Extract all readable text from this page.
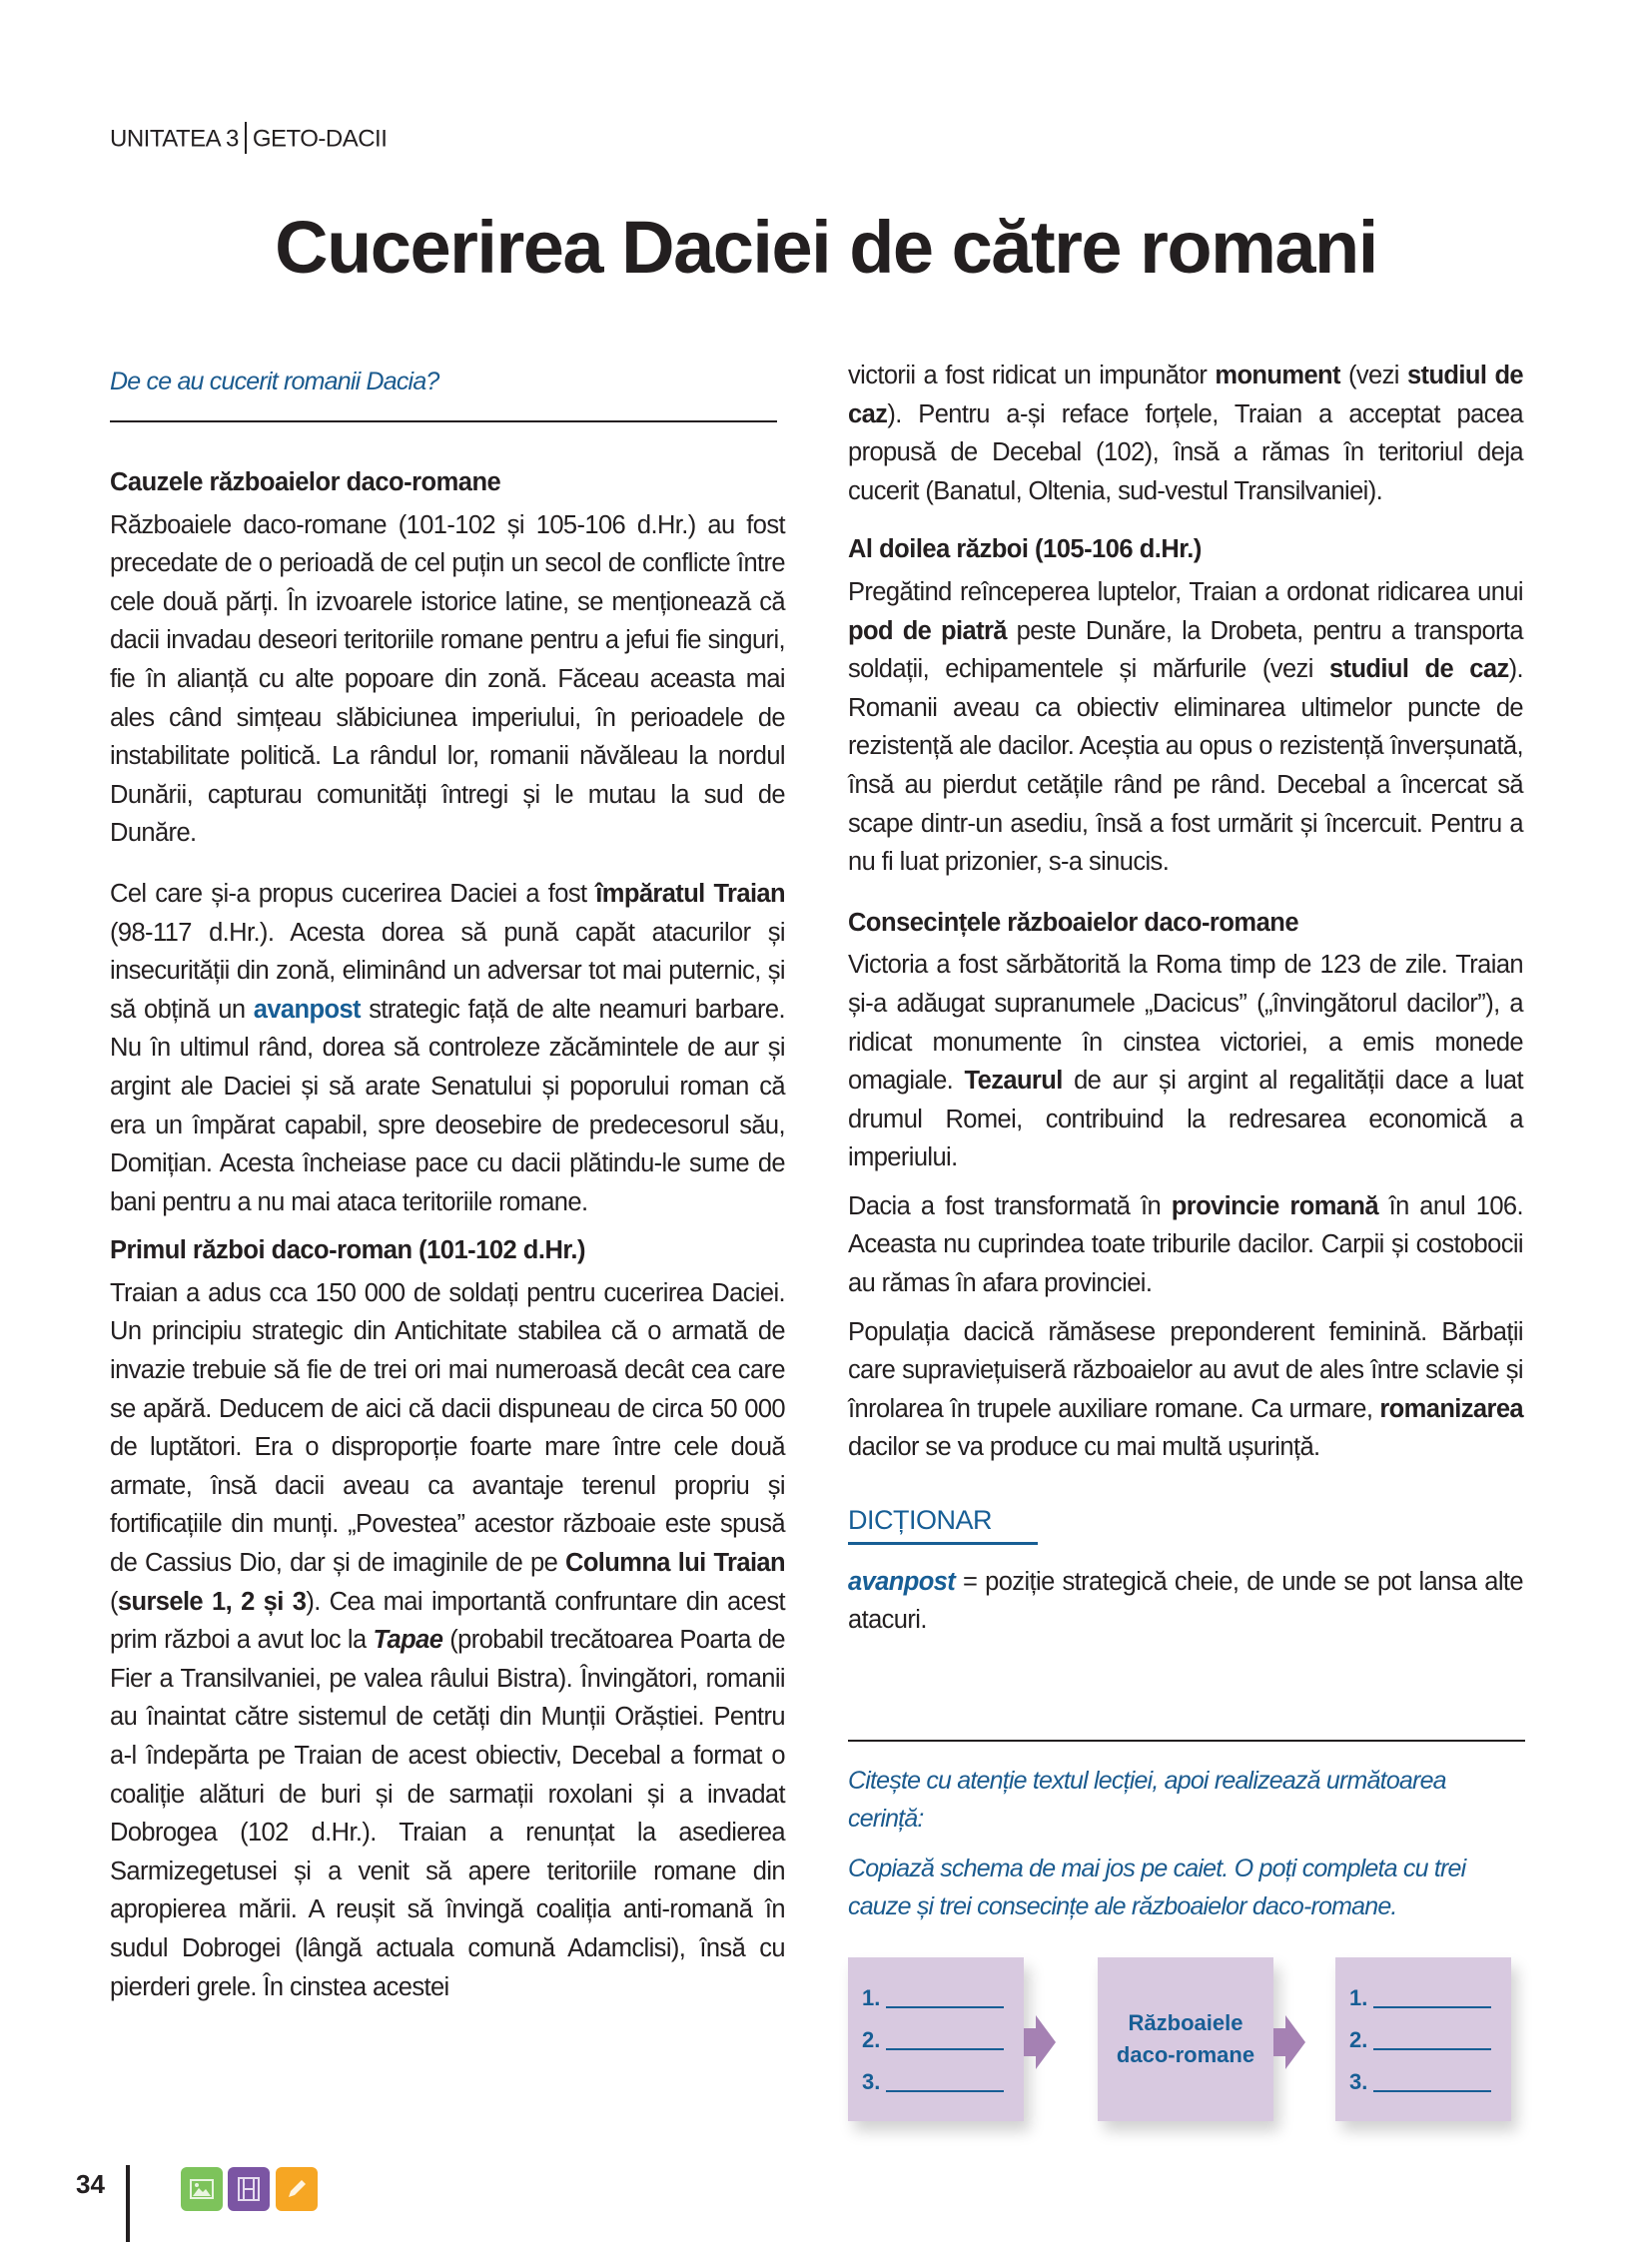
UNITATEA 3 GETO-DACII
Cucerirea Daciei de către romani
De ce au cucerit romanii Dacia?
Cauzele războaielor daco-romane

Războaiele daco-romane (101-102 și 105-106 d.Hr.) au fost precedate de o perioadă de cel puțin un secol de conflicte între cele două părți. În izvoarele istorice latine, se menționează că dacii invadau deseori teritoriile romane pentru a jefui fie singuri, fie în alianță cu alte popoare din zonă. Făceau aceasta mai ales când simțeau slăbiciunea imperiului, în perioadele de instabilitate politică. La rândul lor, romanii năvăleau la nordul Dunării, capturau comunități întregi și le mutau la sud de Dunăre.

Cel care și-a propus cucerirea Daciei a fost împăratul Traian (98-117 d.Hr.). Acesta dorea să pună capăt atacurilor și insecurității din zonă, eliminând un adversar tot mai puternic, și să obțină un avanpost strategic față de alte neamuri barbare. Nu în ultimul rând, dorea să controleze zăcămintele de aur și argint ale Daciei și să arate Senatului și poporului roman că era un împărat capabil, spre deosebire de predecesorul său, Domițian. Acesta încheiase pace cu dacii plătindu-le sume de bani pentru a nu mai ataca teritoriile romane.

Primul război daco-roman (101-102 d.Hr.)

Traian a adus cca 150 000 de soldați pentru cucerirea Daciei. Un principiu strategic din Antichitate stabilea că o armată de invazie trebuie să fie de trei ori mai numeroasă decât cea care se apără. Deducem de aici că dacii dispuneau de circa 50 000 de luptători. Era o disproporție foarte mare între cele două armate, însă dacii aveau ca avantaje terenul propriu și fortificațiile din munți. „Povestea” acestor războaie este spusă de Cassius Dio, dar și de imaginile de pe Columna lui Traian (sursele 1, 2 și 3). Cea mai importantă confruntare din acest prim război a avut loc la Tapae (probabil trecătoarea Poarta de Fier a Transilvaniei, pe valea râului Bistra). Învingători, romanii au înaintat către sistemul de cetăți din Munții Orăștiei. Pentru a-l îndepărta pe Traian de acest obiectiv, Decebal a format o coaliție alături de buri și de sarmații roxolani și a invadat Dobrogea (102 d.Hr.). Traian a renunțat la asedierea Sarmizegetusei și a venit să apere teritoriile romane din apropierea mării. A reușit să învingă coaliția anti-romană în sudul Dobrogei (lângă actuala comună Adamclisi), însă cu pierderi grele. În cinstea acestei

victorii a fost ridicat un impunător monument (vezi studiul de caz). Pentru a-și reface forțele, Traian a acceptat pacea propusă de Decebal (102), însă a rămas în teritoriul deja cucerit (Banatul, Oltenia, sud-vestul Transilvaniei).

Al doilea război (105-106 d.Hr.)

Pregătind reînceperea luptelor, Traian a ordonat ridicarea unui pod de piatră peste Dunăre, la Drobeta, pentru a transporta soldații, echipamentele și mărfurile (vezi studiul de caz). Romanii aveau ca obiectiv eliminarea ultimelor puncte de rezistență ale dacilor. Aceștia au opus o rezistență înverșunată, însă au pierdut cetățile rând pe rând. Decebal a încercat să scape dintr-un asediu, însă a fost urmărit și încercuit. Pentru a nu fi luat prizonier, s-a sinucis.

Consecințele războaielor daco-romane

Victoria a fost sărbătorită la Roma timp de 123 de zile. Traian și-a adăugat supranumele „Dacicus” („învingătorul dacilor”), a ridicat monumente în cinstea victoriei, a emis monede omagiale. Tezaurul de aur și argint al regalității dace a luat drumul Romei, contribuind la redresarea economică a imperiului.

Dacia a fost transformată în provincie romană în anul 106. Aceasta nu cuprindea toate triburile dacilor. Carpii și costobocii au rămas în afara provinciei.

Populația dacică rămăsese preponderent feminină. Bărbații care supraviețuiseră războaielor au avut de ales între sclavie și înrolarea în trupele auxiliare romane. Ca urmare, romanizarea dacilor se va produce cu mai multă ușurință.

DICȚIONAR

avanpost = poziție strategică cheie, de unde se pot lansa alte atacuri.

Citește cu atenție textul lecției, apoi realizează următoarea cerință:

Copiază schema de mai jos pe caiet. O poți completa cu trei cauze și trei consecințe ale războaielor daco-romane.

1.
2.
3.
Războaiele
daco-romane
1.
2.
3.
34
